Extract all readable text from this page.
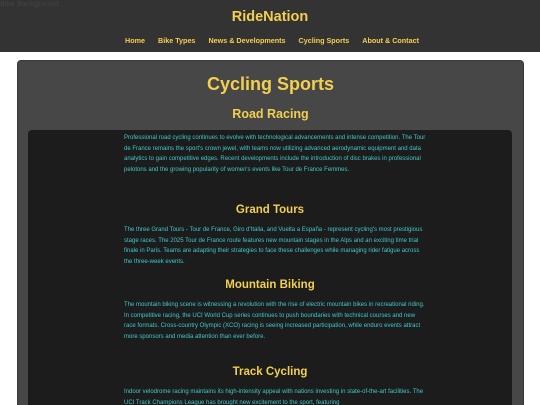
RideNation
Home Bike Types News & Developments Cycling Sports About & Contact
Bike Background
Cycling Sports
Road Racing

Professional road cycling continues to evolve with technological advancements and intense competition. The Tour de France remains the sport's crown jewel, with teams now utilizing advanced aerodynamic equipment and data analytics to gain competitive edges. Recent developments include the introduction of disc brakes in professional pelotons and the growing popularity of women's events like Tour de France Femmes.

Grand Tours

The three Grand Tours - Tour de France, Giro d'Italia, and Vuelta a España - represent cycling's most prestigious stage races. The 2025 Tour de France route features new mountain stages in the Alps and an exciting time trial finale in Paris. Teams are adapting their strategies to face these challenges while managing rider fatigue across the three-week events.

Mountain Biking

The mountain biking scene is witnessing a revolution with the rise of electric mountain bikes in recreational riding. In competitive racing, the UCI World Cup series continues to push boundaries with technical courses and new race formats. Cross-country Olympic (XCO) racing is seeing increased participation, while enduro events attract more sponsors and media attention than ever before.

Track Cycling

Indoor velodrome racing maintains its high-intensity appeal with nations investing in state-of-the-art facilities. The UCI Track Champions League has brought new excitement to the sport, featuring
